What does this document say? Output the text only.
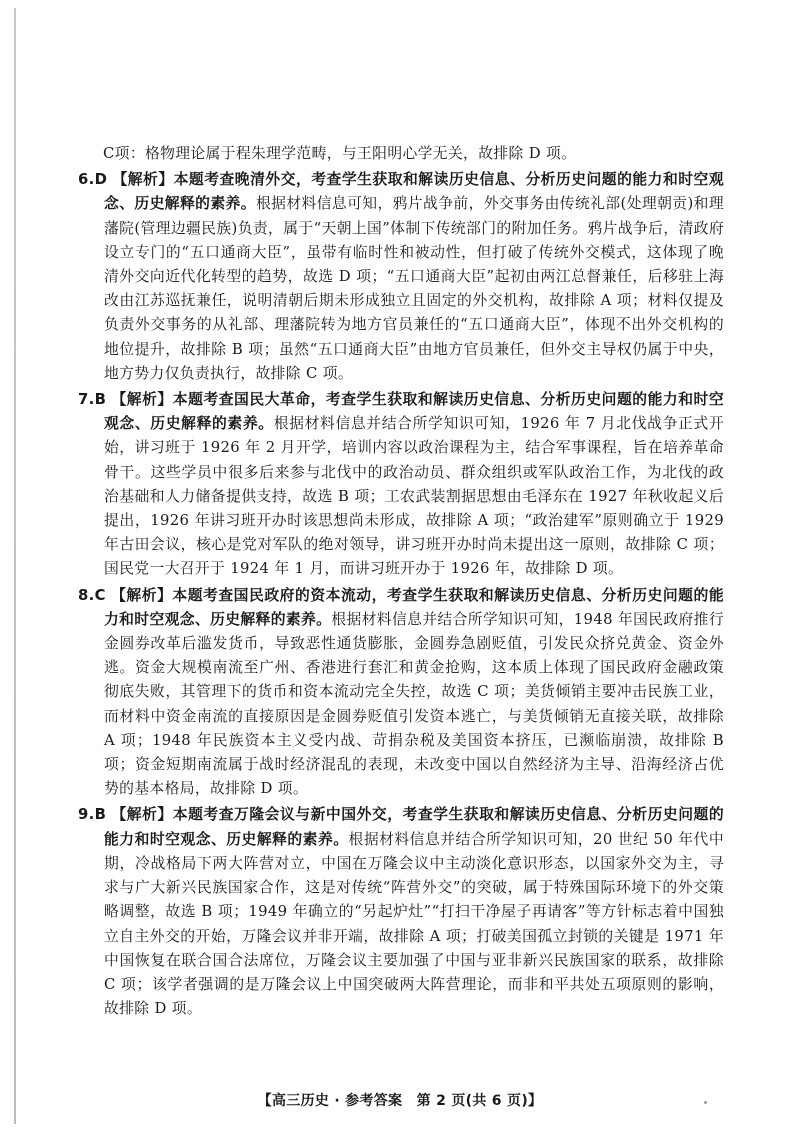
C项：格物理论属于程朱理学范畴，与王阳明心学无关，故排除 D 项。

6.D 【解析】本题考查晚清外交，考查学生获取和解读历史信息、分析历史问题的能力和时空观念、历史解释的素养。根据材料信息可知，鸦片战争前，外交事务由传统礼部(处理朝贡)和理藩院(管理边疆民族)负责，属于“天朝上国”体制下传统部门的附加任务。鸦片战争后，清政府设立专门的“五口通商大臣”，虽带有临时性和被动性，但打破了传统外交模式，这体现了晚清外交向近代化转型的趋势，故选 D 项；“五口通商大臣”起初由两江总督兼任，后移驻上海改由江苏巡抚兼任，说明清朝后期未形成独立且固定的外交机构，故排除 A 项；材料仅提及负责外交事务的从礼部、理藩院转为地方官员兼任的“五口通商大臣”，体现不出外交机构的地位提升，故排除 B 项；虽然“五口通商大臣”由地方官员兼任，但外交主导权仍属于中央，地方势力仅负责执行，故排除 C 项。

7.B 【解析】本题考查国民大革命，考查学生获取和解读历史信息、分析历史问题的能力和时空观念、历史解释的素养。根据材料信息并结合所学知识可知，1926 年 7 月北伐战争正式开始，讲习班于 1926 年 2 月开学，培训内容以政治课程为主，结合军事课程，旨在培养革命骨干。这些学员中很多后来参与北伐中的政治动员、群众组织或军队政治工作，为北伐的政治基础和人力储备提供支持，故选 B 项；工农武装割据思想由毛泽东在 1927 年秋收起义后提出，1926 年讲习班开办时该思想尚未形成，故排除 A 项；“政治建军”原则确立于 1929 年古田会议，核心是党对军队的绝对领导，讲习班开办时尚未提出这一原则，故排除 C 项；国民党一大召开于 1924 年 1 月，而讲习班开办于 1926 年，故排除 D 项。

8.C 【解析】本题考查国民政府的资本流动，考查学生获取和解读历史信息、分析历史问题的能力和时空观念、历史解释的素养。根据材料信息并结合所学知识可知，1948 年国民政府推行金圆券改革后滥发货币，导致恶性通货膨胀，金圆券急剧贬值，引发民众挤兑黄金、资金外逃。资金大规模南流至广州、香港进行套汇和黄金抢购，这本质上体现了国民政府金融政策彻底失败，其管理下的货币和资本流动完全失控，故选 C 项；美货倾销主要冲击民族工业，而材料中资金南流的直接原因是金圆券贬值引发资本逃亡，与美货倾销无直接关联，故排除 A 项；1948 年民族资本主义受内战、苛捐杂税及美国资本挤压，已濒临崩溃，故排除 B 项；资金短期南流属于战时经济混乱的表现，未改变中国以自然经济为主导、沿海经济占优势的基本格局，故排除 D 项。

9.B 【解析】本题考查万隆会议与新中国外交，考查学生获取和解读历史信息、分析历史问题的能力和时空观念、历史解释的素养。根据材料信息并结合所学知识可知，20 世纪 50 年代中期，冷战格局下两大阵营对立，中国在万隆会议中主动淡化意识形态，以国家外交为主，寻求与广大新兴民族国家合作，这是对传统“阵营外交”的突破，属于特殊国际环境下的外交策略调整，故选 B 项；1949 年确立的“另起炉灶”“打扫干净屋子再请客”等方针标志着中国独立自主外交的开始，万隆会议并非开端，故排除 A 项；打破美国孤立封锁的关键是 1971 年中国恢复在联合国合法席位，万隆会议主要加强了中国与亚非新兴民族国家的联系，故排除 C 项；该学者强调的是万隆会议上中国突破两大阵营理论，而非和平共处五项原则的影响，故排除 D 项。

【高三历史 · 参考答案　第 2 页(共 6 页)】
